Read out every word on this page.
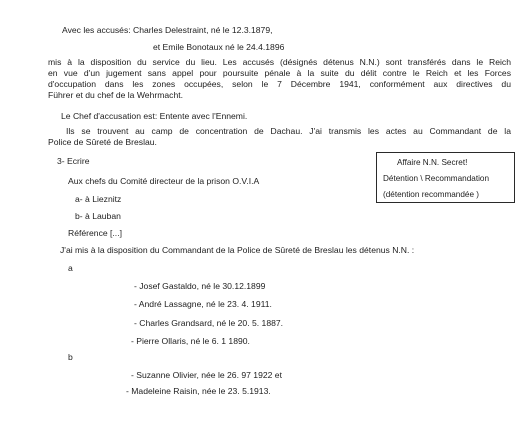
Avec les accusés: Charles Delestraint, né le 12.3.1879,
et Emile Bonotaux né le 24.4.1896
mis à la disposition du service du lieu. Les accusés (désignés détenus N.N.) sont transférés dans le Reich
en vue d'un jugement sans appel pour poursuite pénale à la suite du délit contre le Reich et les Forces
d'occupation dans les zones occupées, selon le 7 Décembre 1941, conformément aux directives du
Führer et du chef de la Wehrmacht.
Le Chef d'accusation est: Entente avec l'Ennemi.
Ils se trouvent au camp de concentration de Dachau. J'ai transmis les actes au Commandant de la
Police de Sûreté de Breslau.
3- Ecrire
Aux chefs du Comité directeur de la prison O.V.I.A
a- à Lieznitz
b- à Lauban
Référence [...]
Affaire N.N. Secret!
Détention \ Recommandation
(détention recommandée )
J'ai mis à la disposition du Commandant de la Police de Sûreté de Breslau les détenus N.N. :
a
- Josef Gastaldo, né le 30.12.1899
- André Lassagne, né le 23. 4. 1911.
- Charles Grandsard, né le 20. 5. 1887.
- Pierre Ollaris, né le 6. 1 1890.
b
- Suzanne Olivier, née le 26. 97 1922 et
- Madeleine Raisin, née le 23. 5.1913.
